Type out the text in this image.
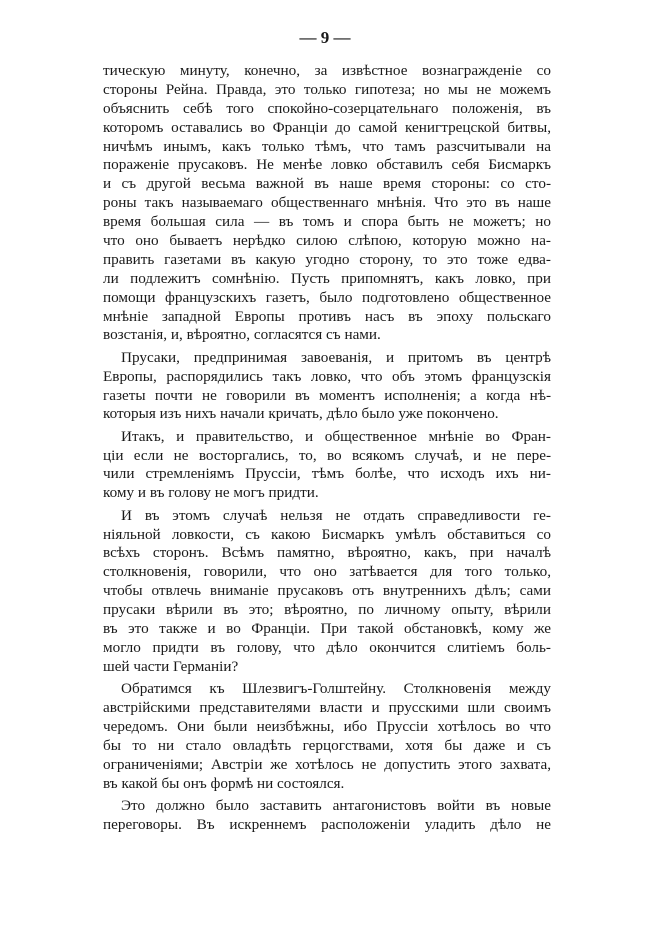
— 9 —
тическую минуту, конечно, за извѣстное вознагражденіе со
стороны Рейна. Правда, это только гипотеза; но мы не можемъ
объяснить себѣ того спокойно-созерцательнаго положенія, въ
которомъ оставались во Франціи до самой кенигтрецской битвы,
ничѣмъ инымъ, какъ только тѣмъ, что тамъ разсчитывали на
пораженіе прусаковъ. Не менѣе ловко обставилъ себя Бисмаркъ
и съ другой весьма важной въ наше время стороны: со сто-
роны такъ называемаго общественнаго мнѣнія. Что это въ наше
время большая сила — въ томъ и спора быть не можетъ; но
что оно бываетъ нерѣдко силою слѣпою, которую можно на-
править газетами въ какую угодно сторону, то это тоже едва-
ли подлежитъ сомнѣнію. Пусть припомнятъ, какъ ловко, при
помощи французскихъ газетъ, было подготовлено общественное
мнѣніе западной Европы противъ насъ въ эпоху польскаго
возстанія, и, вѣроятно, согласятся съ нами.
Прусаки, предпринимая завоеванія, и притомъ въ центрѣ
Европы, распорядились такъ ловко, что объ этомъ французскія
газеты почти не говорили въ моментъ исполненія; а когда нѣ-
которыя изъ нихъ начали кричать, дѣло было уже покончено.
Итакъ, и правительство, и общественное мнѣніе во Фран-
ціи если не восторгались, то, во всякомъ случаѣ, и не пере-
чили стремленіямъ Пруссіи, тѣмъ болѣе, что исходъ ихъ ни-
кому и въ голову не могъ придти.
И въ этомъ случаѣ нельзя не отдать справедливости ге-
ніяльной ловкости, съ какою Бисмаркъ умѣлъ обставиться со
всѣхъ сторонъ. Всѣмъ памятно, вѣроятно, какъ, при началѣ
столкновенія, говорили, что оно затѣвается для того только,
чтобы отвлечь вниманіе прусаковъ отъ внутреннихъ дѣлъ; сами
прусаки вѣрили въ это; вѣроятно, по личному опыту, вѣрили
въ это также и во Франціи. При такой обстановкѣ, кому же
могло придти въ голову, что дѣло окончится слитіемъ боль-
шей части Германіи?
Обратимся къ Шлезвигъ-Голштейну. Столкновенія между
австрійскими представителями власти и прусскими шли своимъ
чередомъ. Они были неизбѣжны, ибо Пруссіи хотѣлось во что
бы то ни стало овладѣть герцогствами, хотя бы даже и съ
ограниченіями; Австріи же хотѣлось не допустить этого захвата,
въ какой бы онъ формѣ ни состоялся.
Это должно было заставить антагонистовъ войти въ новые
переговоры. Въ искреннемъ расположеніи уладить дѣло не
